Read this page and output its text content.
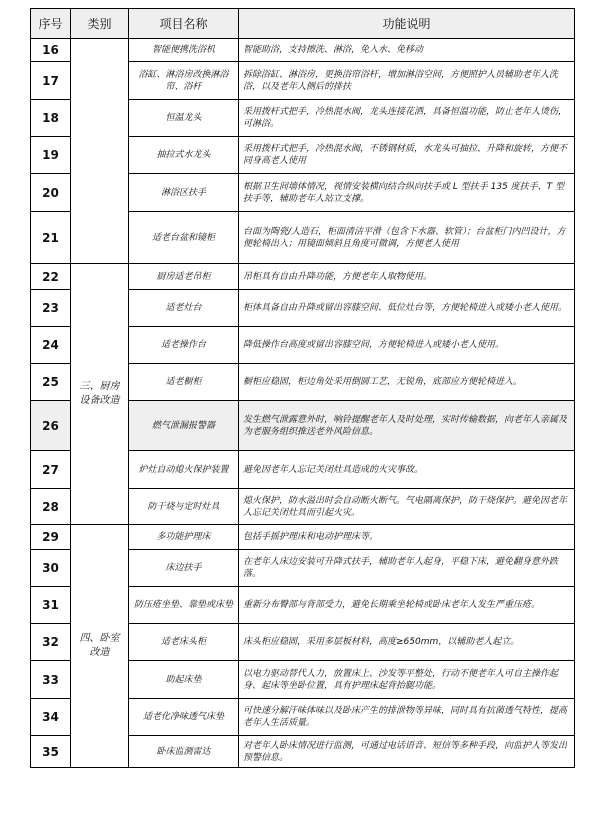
序号	类别	项目名称	功能说明
16		智能便携洗浴机	智能助浴，支持擦洗、淋浴，免入水、免移动
17		浴缸、淋浴房改换淋浴帘、浴杆	拆除浴缸、淋浴房，更换浴帘浴杆，增加淋浴空间，方便照护人员辅助老年人洗浴，以及老年人侧后的排扶
18		恒温龙头	采用拨杆式把手，冷热混水阀，龙头连接花洒，具备恒温功能，防止老年人烫伤，可淋浴。
19		抽拉式水龙头	采用拨杆式把手，冷热混水阀，不锈钢材质，水龙头可抽拉、升降和旋转，方便不同身高老人使用
20		淋浴区扶手	根据卫生间墙体情况，视情安装横向结合纵向扶手或 L 型扶手 135 度扶手、T 型扶手等，辅助老年人站立支撑。
21		适老台盆和镜柜	台面为陶瓷/人造石，柜面清洁平滑（包含下水器、软管）；台盆柜门内凹设计，方便轮椅出入；用镜面倾斜且角度可微调，方便老人使用
22	三、厨房设备改造	厨房适老吊柜	吊柜具有自由升降功能，方便老年人取物使用。
23		适老灶台	柜体具备自由升降或留出容膝空间、低位灶台等，方便轮椅进入或矮小老人使用。
24		适老操作台	降低操作台高度或留出容膝空间，方便轮椅进入或矮小老人使用。
25		适老橱柜	橱柜应稳固，柜边角处采用倒圆工艺，无锐角，底部应方便轮椅进入。
26		燃气泄漏报警器	发生燃气泄露意外时，响铃提醒老年人及时处理，实时传输数据，向老年人亲属及为老服务组织推送老外风险信息。
27		炉灶自动熄火保护装置	避免因老年人忘记关闭灶具造成的火灾事故。
28		防干烧与定时灶具	熄火保护，防水溢出时会自动断火断气。气电隔离保护，防干烧保护。避免因老年人忘记关闭灶具而引起火灾。
29	四、卧室改造	多功能护理床	包括手摇护理床和电动护理床等。
30		床边扶手	在老年人床边安装可升降式扶手，辅助老年人起身，平稳下床，避免翻身意外跌落。
31		防压疮坐垫、靠垫或床垫	重新分布臀部与背部受力，避免长期乘坐轮椅或卧床老年人发生严重压疮。
32		适老床头柜	床头柜应稳固，采用多层板材料，高度≥650mm，以辅助老人起立。
33		助起床垫	以电力驱动替代人力，放置床上、沙发等平整处，行动不便老年人可自主操作起身、起床等坐卧位置，具有护理床起背抬腿功能。
34		适老化净味透气床垫	可快速分解汗味体味以及卧床产生的排泄物等异味，同时具有抗菌透气特性，提高老年人生活质量。
35		卧床监测雷达	对老年人卧床情况进行监测，可通过电话语音、短信等多种手段，向监护人等发出预警信息。
